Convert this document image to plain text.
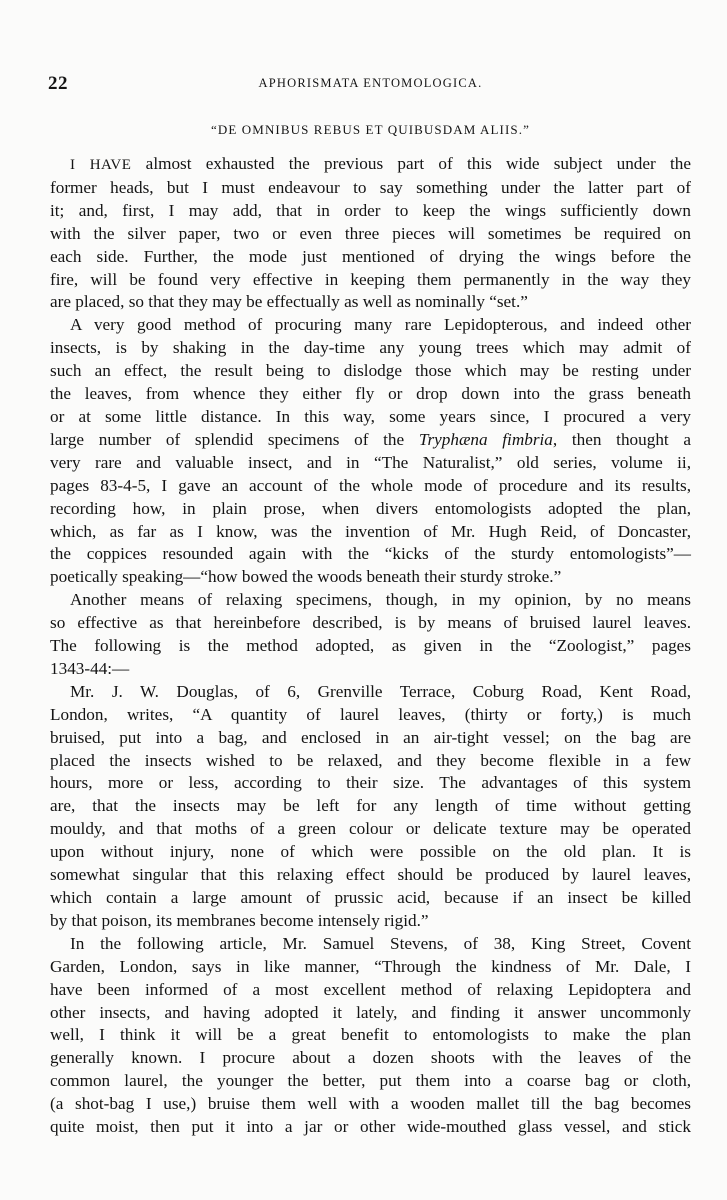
22	APHORISMATA ENTOMOLOGICA.
“DE OMNIBUS REBUS ET QUIBUSDAM ALIIS.”
I HAVE almost exhausted the previous part of this wide subject under the
former heads, but I must endeavour to say something under the latter part of
it; and, first, I may add, that in order to keep the wings sufficiently down
with the silver paper, two or even three pieces will sometimes be required on
each side. Further, the mode just mentioned of drying the wings before the
fire, will be found very effective in keeping them permanently in the way they
are placed, so that they may be effectually as well as nominally “set.”
A very good method of procuring many rare Lepidopterous, and indeed other
insects, is by shaking in the day-time any young trees which may admit of
such an effect, the result being to dislodge those which may be resting under
the leaves, from whence they either fly or drop down into the grass beneath
or at some little distance. In this way, some years since, I procured a very
large number of splendid specimens of the Tryphæna fimbria, then thought a
very rare and valuable insect, and in “The Naturalist,” old series, volume ii,
pages 83-4-5, I gave an account of the whole mode of procedure and its results,
recording how, in plain prose, when divers entomologists adopted the plan,
which, as far as I know, was the invention of Mr. Hugh Reid, of Doncaster,
the coppices resounded again with the “kicks of the sturdy entomologists”—
poetically speaking—“how bowed the woods beneath their sturdy stroke.”
Another means of relaxing specimens, though, in my opinion, by no means
so effective as that hereinbefore described, is by means of bruised laurel leaves.
The following is the method adopted, as given in the “Zoologist,” pages
1343-44:—
Mr. J. W. Douglas, of 6, Grenville Terrace, Coburg Road, Kent Road,
London, writes, “A quantity of laurel leaves, (thirty or forty,) is much
bruised, put into a bag, and enclosed in an air-tight vessel; on the bag are
placed the insects wished to be relaxed, and they become flexible in a few
hours, more or less, according to their size. The advantages of this system
are, that the insects may be left for any length of time without getting
mouldy, and that moths of a green colour or delicate texture may be operated
upon without injury, none of which were possible on the old plan. It is
somewhat singular that this relaxing effect should be produced by laurel leaves,
which contain a large amount of prussic acid, because if an insect be killed
by that poison, its membranes become intensely rigid.”
In the following article, Mr. Samuel Stevens, of 38, King Street, Covent
Garden, London, says in like manner, “Through the kindness of Mr. Dale, I
have been informed of a most excellent method of relaxing Lepidoptera and
other insects, and having adopted it lately, and finding it answer uncommonly
well, I think it will be a great benefit to entomologists to make the plan
generally known. I procure about a dozen shoots with the leaves of the
common laurel, the younger the better, put them into a coarse bag or cloth,
(a shot-bag I use,) bruise them well with a wooden mallet till the bag becomes
quite moist, then put it into a jar or other wide-mouthed glass vessel, and stick
